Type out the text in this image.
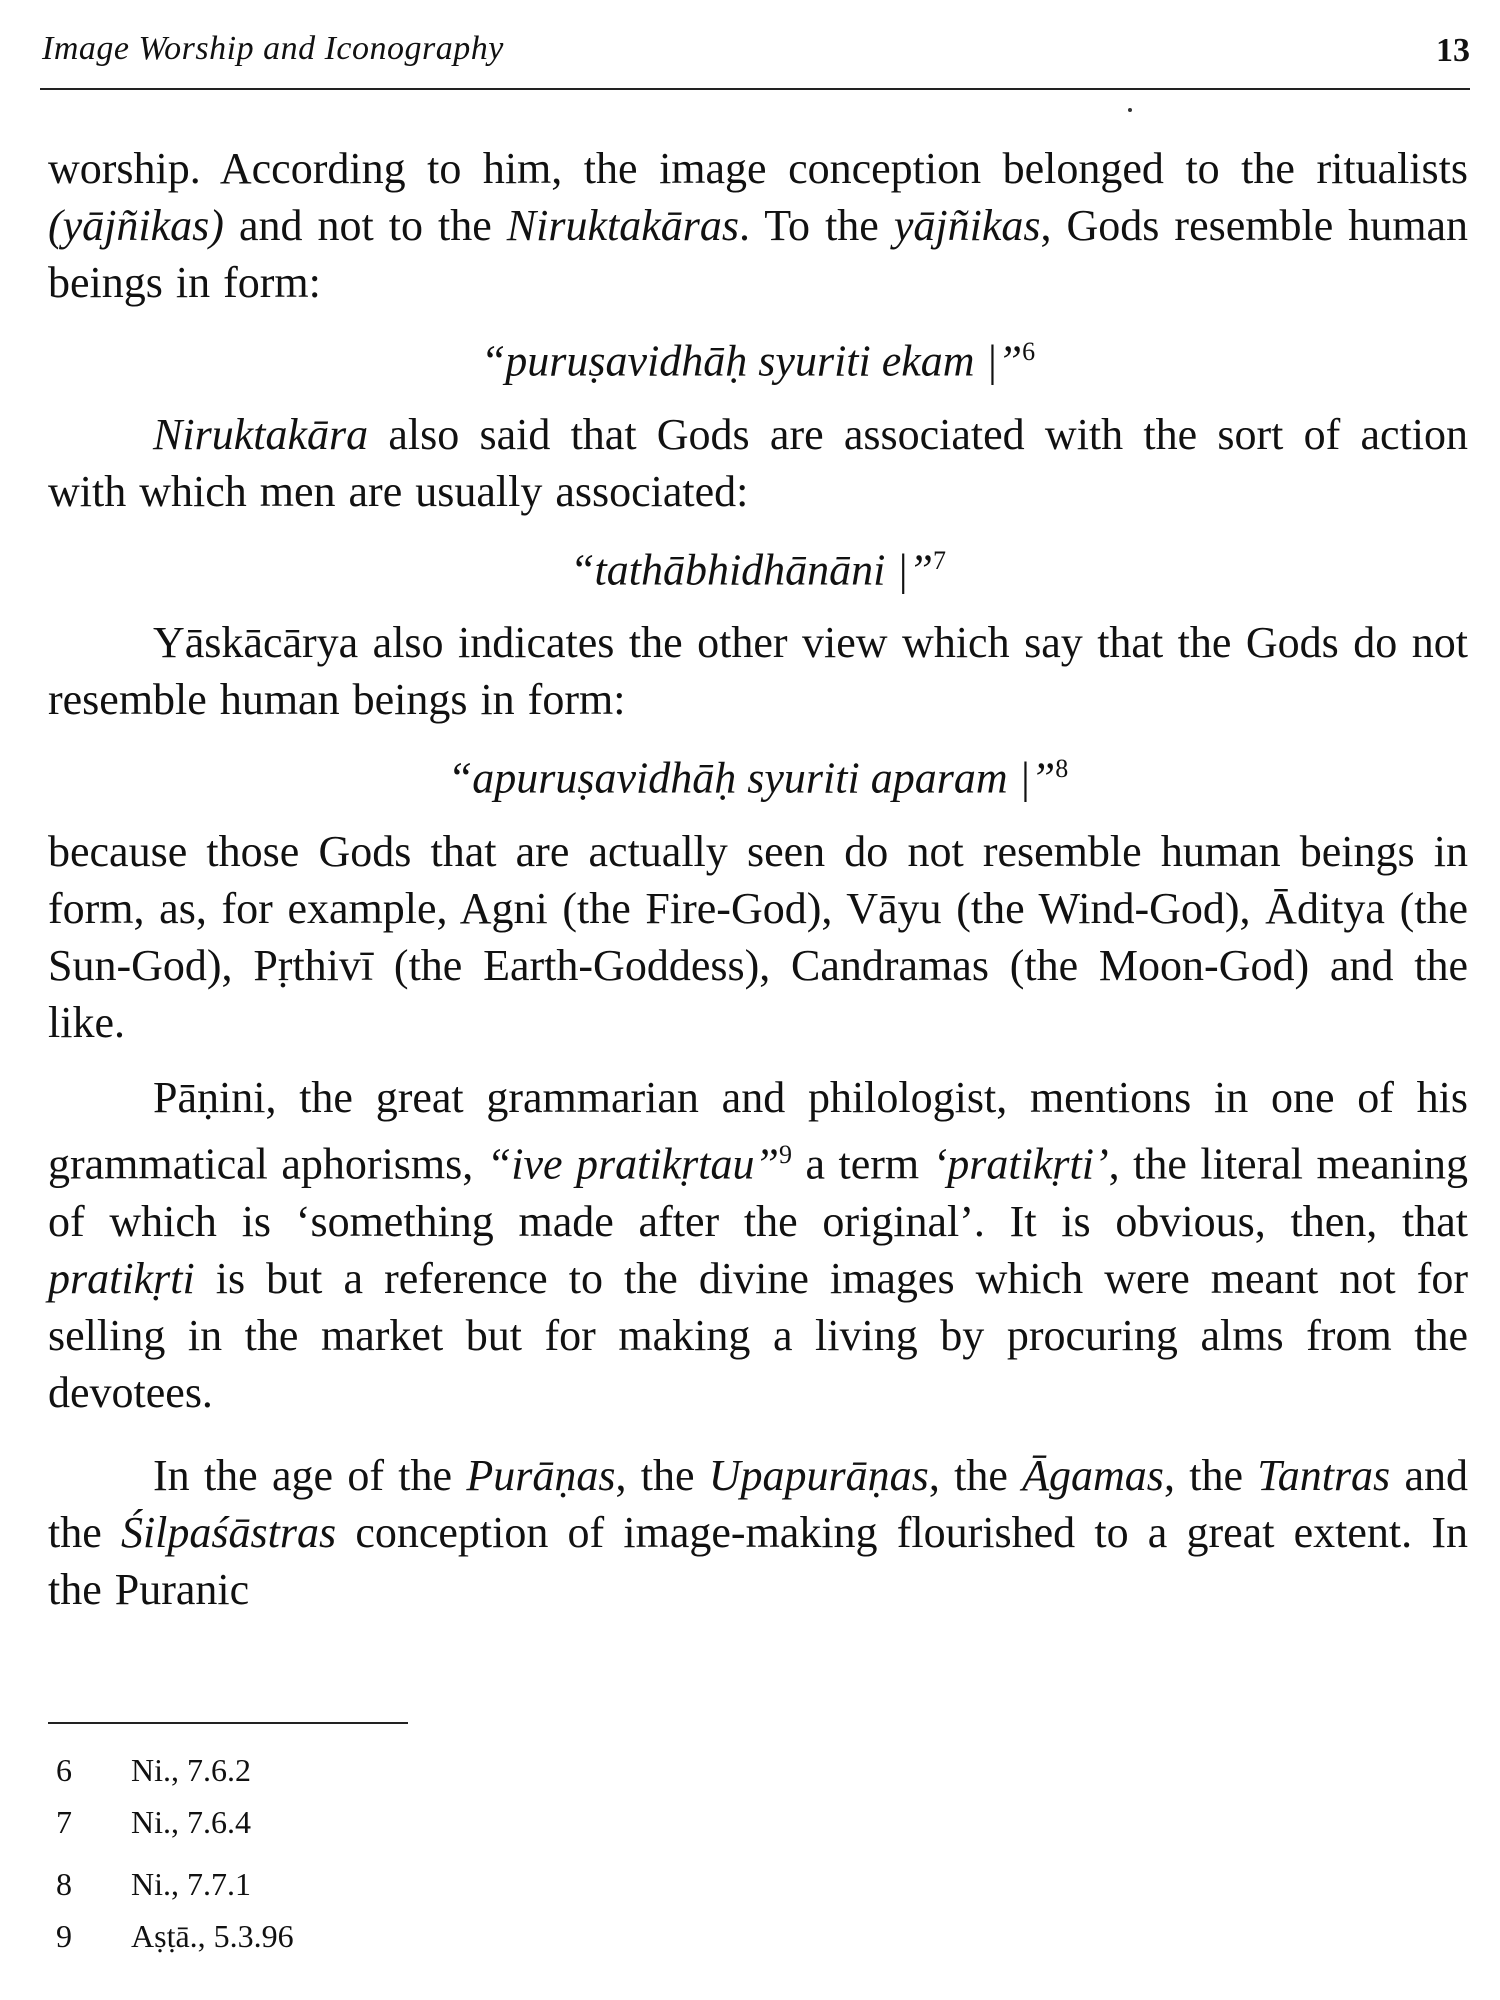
Image Worship and Iconography	13

worship. According to him, the image conception belonged to the ritualists (yājñikas) and not to the Niruktakāras. To the yājñikas, Gods resemble human beings in form:

“puruṣavidhāḥ syuriti ekam |”$^6$

Niruktakāra also said that Gods are associated with the sort of action with which men are usually associated:

“tathābhidhānāni |”$^7$

Yāskācārya also indicates the other view which say that the Gods do not resemble human beings in form:

“apuruṣavidhāḥ syuriti aparam |”$^8$

because those Gods that are actually seen do not resemble human beings in form, as, for example, Agni (the Fire-God), Vāyu (the Wind-God), Āditya (the Sun-God), Pṛthivī (the Earth-Goddess), Candramas (the Moon-God) and the like.

Pāṇini, the great grammarian and philologist, mentions in one of his grammatical aphorisms, “ive pratikṛtau”$^9$ a term ‘pratikṛti’, the literal meaning of which is ‘something made after the original’. It is obvious, then, that pratikṛti is but a reference to the divine images which were meant not for selling in the market but for making a living by procuring alms from the devotees.

In the age of the Purāṇas, the Upapurāṇas, the Āgamas, the Tantras and the Śilpaśāstras conception of image-making flourished to a great extent. In the Puranic

6	Ni., 7.6.2
7	Ni., 7.6.4
8	Ni., 7.7.1
9	Aṣṭā., 5.3.96
